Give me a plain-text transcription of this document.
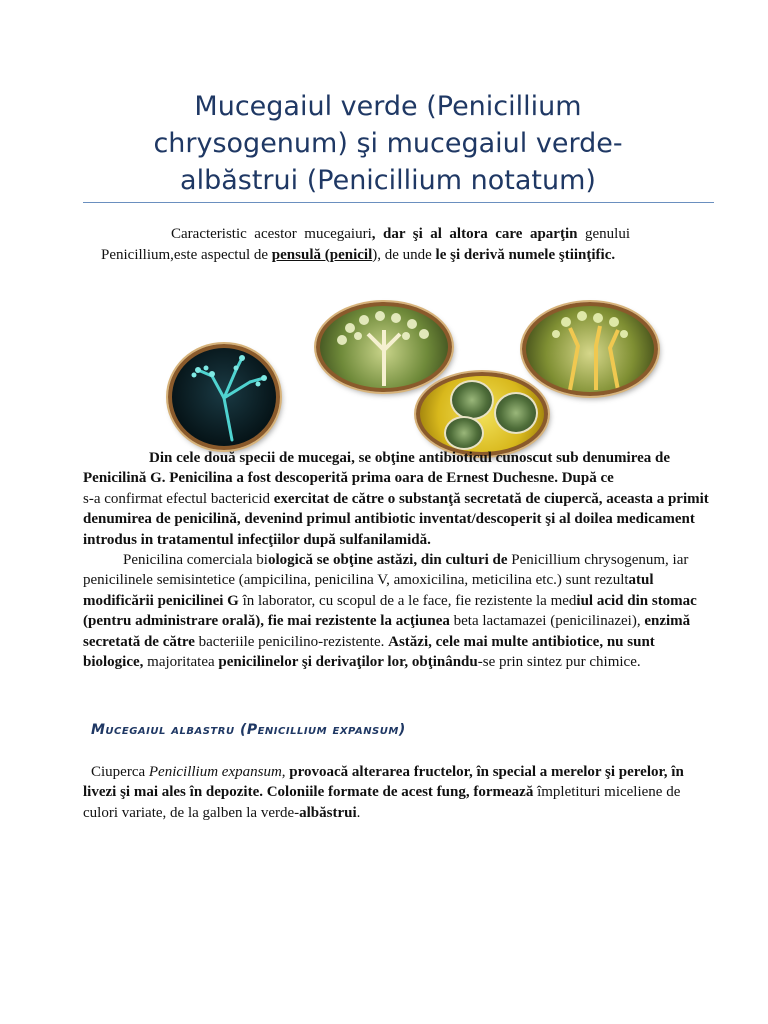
Mucegaiul verde (Penicillium
chrysogenum) şi mucegaiul verde-
albăstrui (Penicillium notatum)

Caracteristic acestor mucegaiuri, dar şi al altora care aparţin genului Penicillium,este aspectul de pensulă (penicil), de unde le şi derivă numele ştiinţific.

Din cele două specii de mucegai, se obţine antibioticul cunoscut sub denumirea de Penicilină G. Penicilina a fost descoperită prima oara de Ernest Duchesne. După ce
s-a confirmat efectul bactericid exercitat de către o substanţă secretată de ciupercă, aceasta a primit denumirea de penicilină, devenind primul antibiotic inventat/descoperit şi al doilea medicament introdus in tratamentul infecţiilor după sulfanilamidă.
Penicilina comerciala biologică se obţine astăzi, din culturi de Penicillium chrysogenum, iar penicilinele semisintetice (ampicilina, penicilina V, amoxicilina, meticilina etc.) sunt rezultatul modificării penicilinei G în laborator, cu scopul de a le face, fie rezistente la mediul acid din stomac (pentru administrare orală), fie mai rezistente la acţiunea beta lactamazei (penicilinazei), enzimă secretată de către bacteriile penicilino-rezistente. Astăzi, cele mai multe antibiotice, nu sunt biologice, majoritatea penicilinelor şi derivaţilor lor, obţinându-se prin sintez pur chimice.

Mucegaiul albastru (Penicillium expansum)

Ciuperca Penicillium expansum, provoacă alterarea fructelor, în special a merelor şi perelor, în livezi şi mai ales în depozite. Coloniile formate de acest fung, formează împletituri miceliene de culori variate, de la galben la verde-albăstrui.
